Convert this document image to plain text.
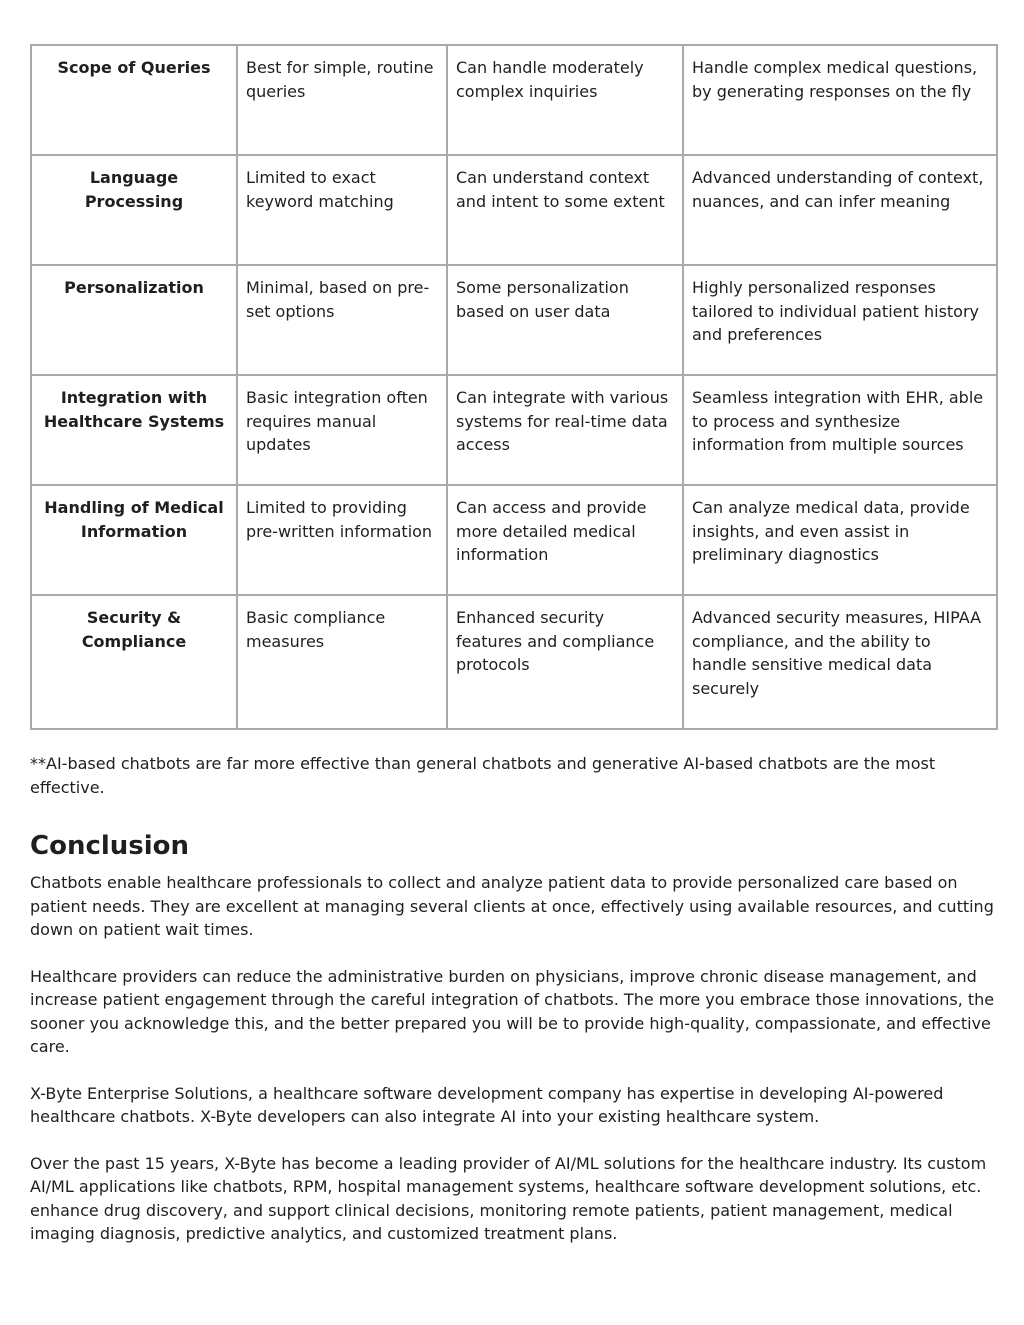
Scope of Queries	Best for simple, routine queries	Can handle moderately complex inquiries	Handle complex medical questions, by generating responses on the fly
Language Processing	Limited to exact keyword matching	Can understand context and intent to some extent	Advanced understanding of context, nuances, and can infer meaning
Personalization	Minimal, based on pre-set options	Some personalization based on user data	Highly personalized responses tailored to individual patient history and preferences
Integration with Healthcare Systems	Basic integration often requires manual updates	Can integrate with various systems for real-time data access	Seamless integration with EHR, able to process and synthesize information from multiple sources
Handling of Medical Information	Limited to providing pre-written information	Can access and provide more detailed medical information	Can analyze medical data, provide insights, and even assist in preliminary diagnostics
Security & Compliance	Basic compliance measures	Enhanced security features and compliance protocols	Advanced security measures, HIPAA compliance, and the ability to handle sensitive medical data securely
**AI-based chatbots are far more effective than general chatbots and generative AI-based chatbots are the most effective.
Conclusion

Chatbots enable healthcare professionals to collect and analyze patient data to provide personalized care based on patient needs. They are excellent at managing several clients at once, effectively using available resources, and cutting down on patient wait times.

Healthcare providers can reduce the administrative burden on physicians, improve chronic disease management, and increase patient engagement through the careful integration of chatbots. The more you embrace those innovations, the sooner you acknowledge this, and the better prepared you will be to provide high-quality, compassionate, and effective care.

X-Byte Enterprise Solutions, a healthcare software development company has expertise in developing AI-powered healthcare chatbots. X-Byte developers can also integrate AI into your existing healthcare system.

Over the past 15 years, X-Byte has become a leading provider of AI/ML solutions for the healthcare industry. Its custom AI/ML applications like chatbots, RPM, hospital management systems, healthcare software development solutions, etc. enhance drug discovery, and support clinical decisions, monitoring remote patients, patient management, medical imaging diagnosis, predictive analytics, and customized treatment plans.
